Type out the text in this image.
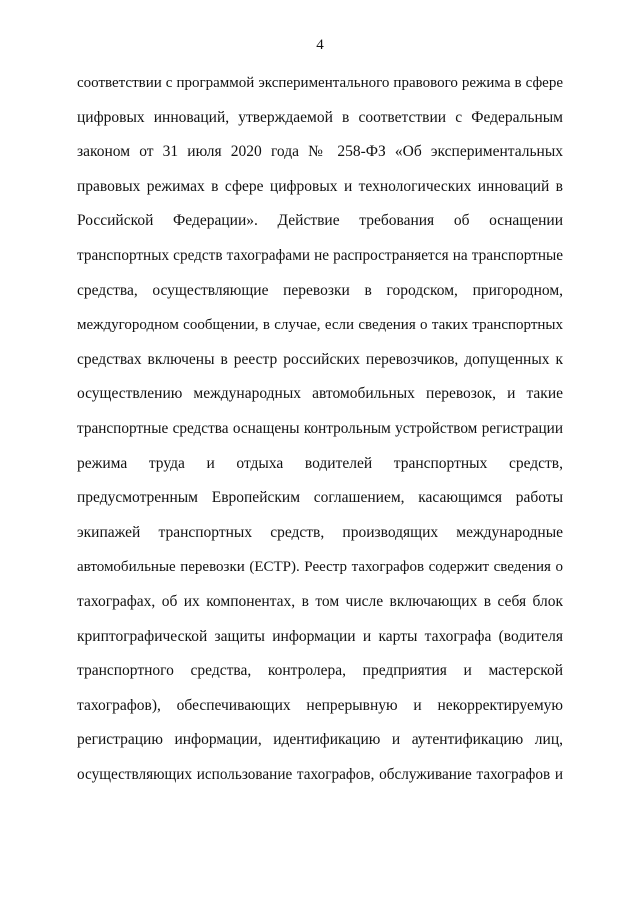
4
соответствии с программой экспериментального правового режима в сфере
цифровых инноваций, утверждаемой в соответствии с Федеральным
законом от 31 июля 2020 года № 258-ФЗ «Об экспериментальных
правовых режимах в сфере цифровых и технологических инноваций в
Российской Федерации». Действие требования об оснащении
транспортных средств тахографами не распространяется на транспортные
средства, осуществляющие перевозки в городском, пригородном,
междугородном сообщении, в случае, если сведения о таких транспортных
средствах включены в реестр российских перевозчиков, допущенных к
осуществлению международных автомобильных перевозок, и такие
транспортные средства оснащены контрольным устройством регистрации
режима труда и отдыха водителей транспортных средств,
предусмотренным Европейским соглашением, касающимся работы
экипажей транспортных средств, производящих международные
автомобильные перевозки (ЕСТР). Реестр тахографов содержит сведения о
тахографах, об их компонентах, в том числе включающих в себя блок
криптографической защиты информации и карты тахографа (водителя
транспортного средства, контролера, предприятия и мастерской
тахографов), обеспечивающих непрерывную и некорректируемую
регистрацию информации, идентификацию и аутентификацию лиц,
осуществляющих использование тахографов, обслуживание тахографов и
